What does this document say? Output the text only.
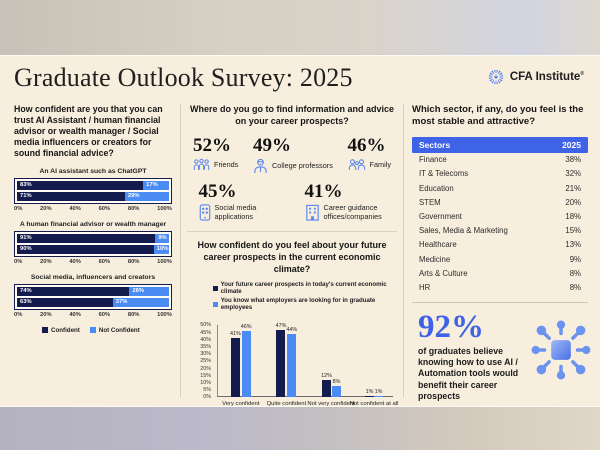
Graduate Outlook Survey: 2025	CFA Institute®
How confident are you that you can trust AI Assistant / human financial advisor or wealth manager / Social media influencers or creators for sound financial advice?
An AI assistant such as ChatGPT
83%	17%
71%	29%
0%	20%	40%	60%	80%	100%
A human financial advisor or wealth manager
91%	9%
90%	10%
0%	20%	40%	60%	80%	100%
Social media, influencers and creators
74%	26%
63%	37%
0%	20%	40%	60%	80%	100%
Confident	Not Confident
Where do you go to find information and advice on your career prospects?
52%
Friends
49%
College professors
46%
Family
45%
Social media applications
41%
Career guidance offices/companies
How confident do you feel about your future career prospects in the current economic climate?
Your future career prospects in today's current economic climate
You know what employers are looking for in graduate employees
50%
45%
40%
35%
30%
25%
20%
15%
10%
5%
0%
41%
46%
Very confident
47%
44%
Quite confident
12%
8%
Not very confident
1% 1%
Not confident at all
Which sector, if any, do you feel is the most stable and attractive?
Sectors	2025
Finance	38%
IT & Telecoms	32%
Education	21%
STEM	20%
Government	18%
Sales, Media & Marketing	15%
Healthcare	13%
Medicine	9%
Arts & Culture	8%
HR	8%
92%
of graduates believe knowing how to use AI / Automation tools would benefit their career prospects
